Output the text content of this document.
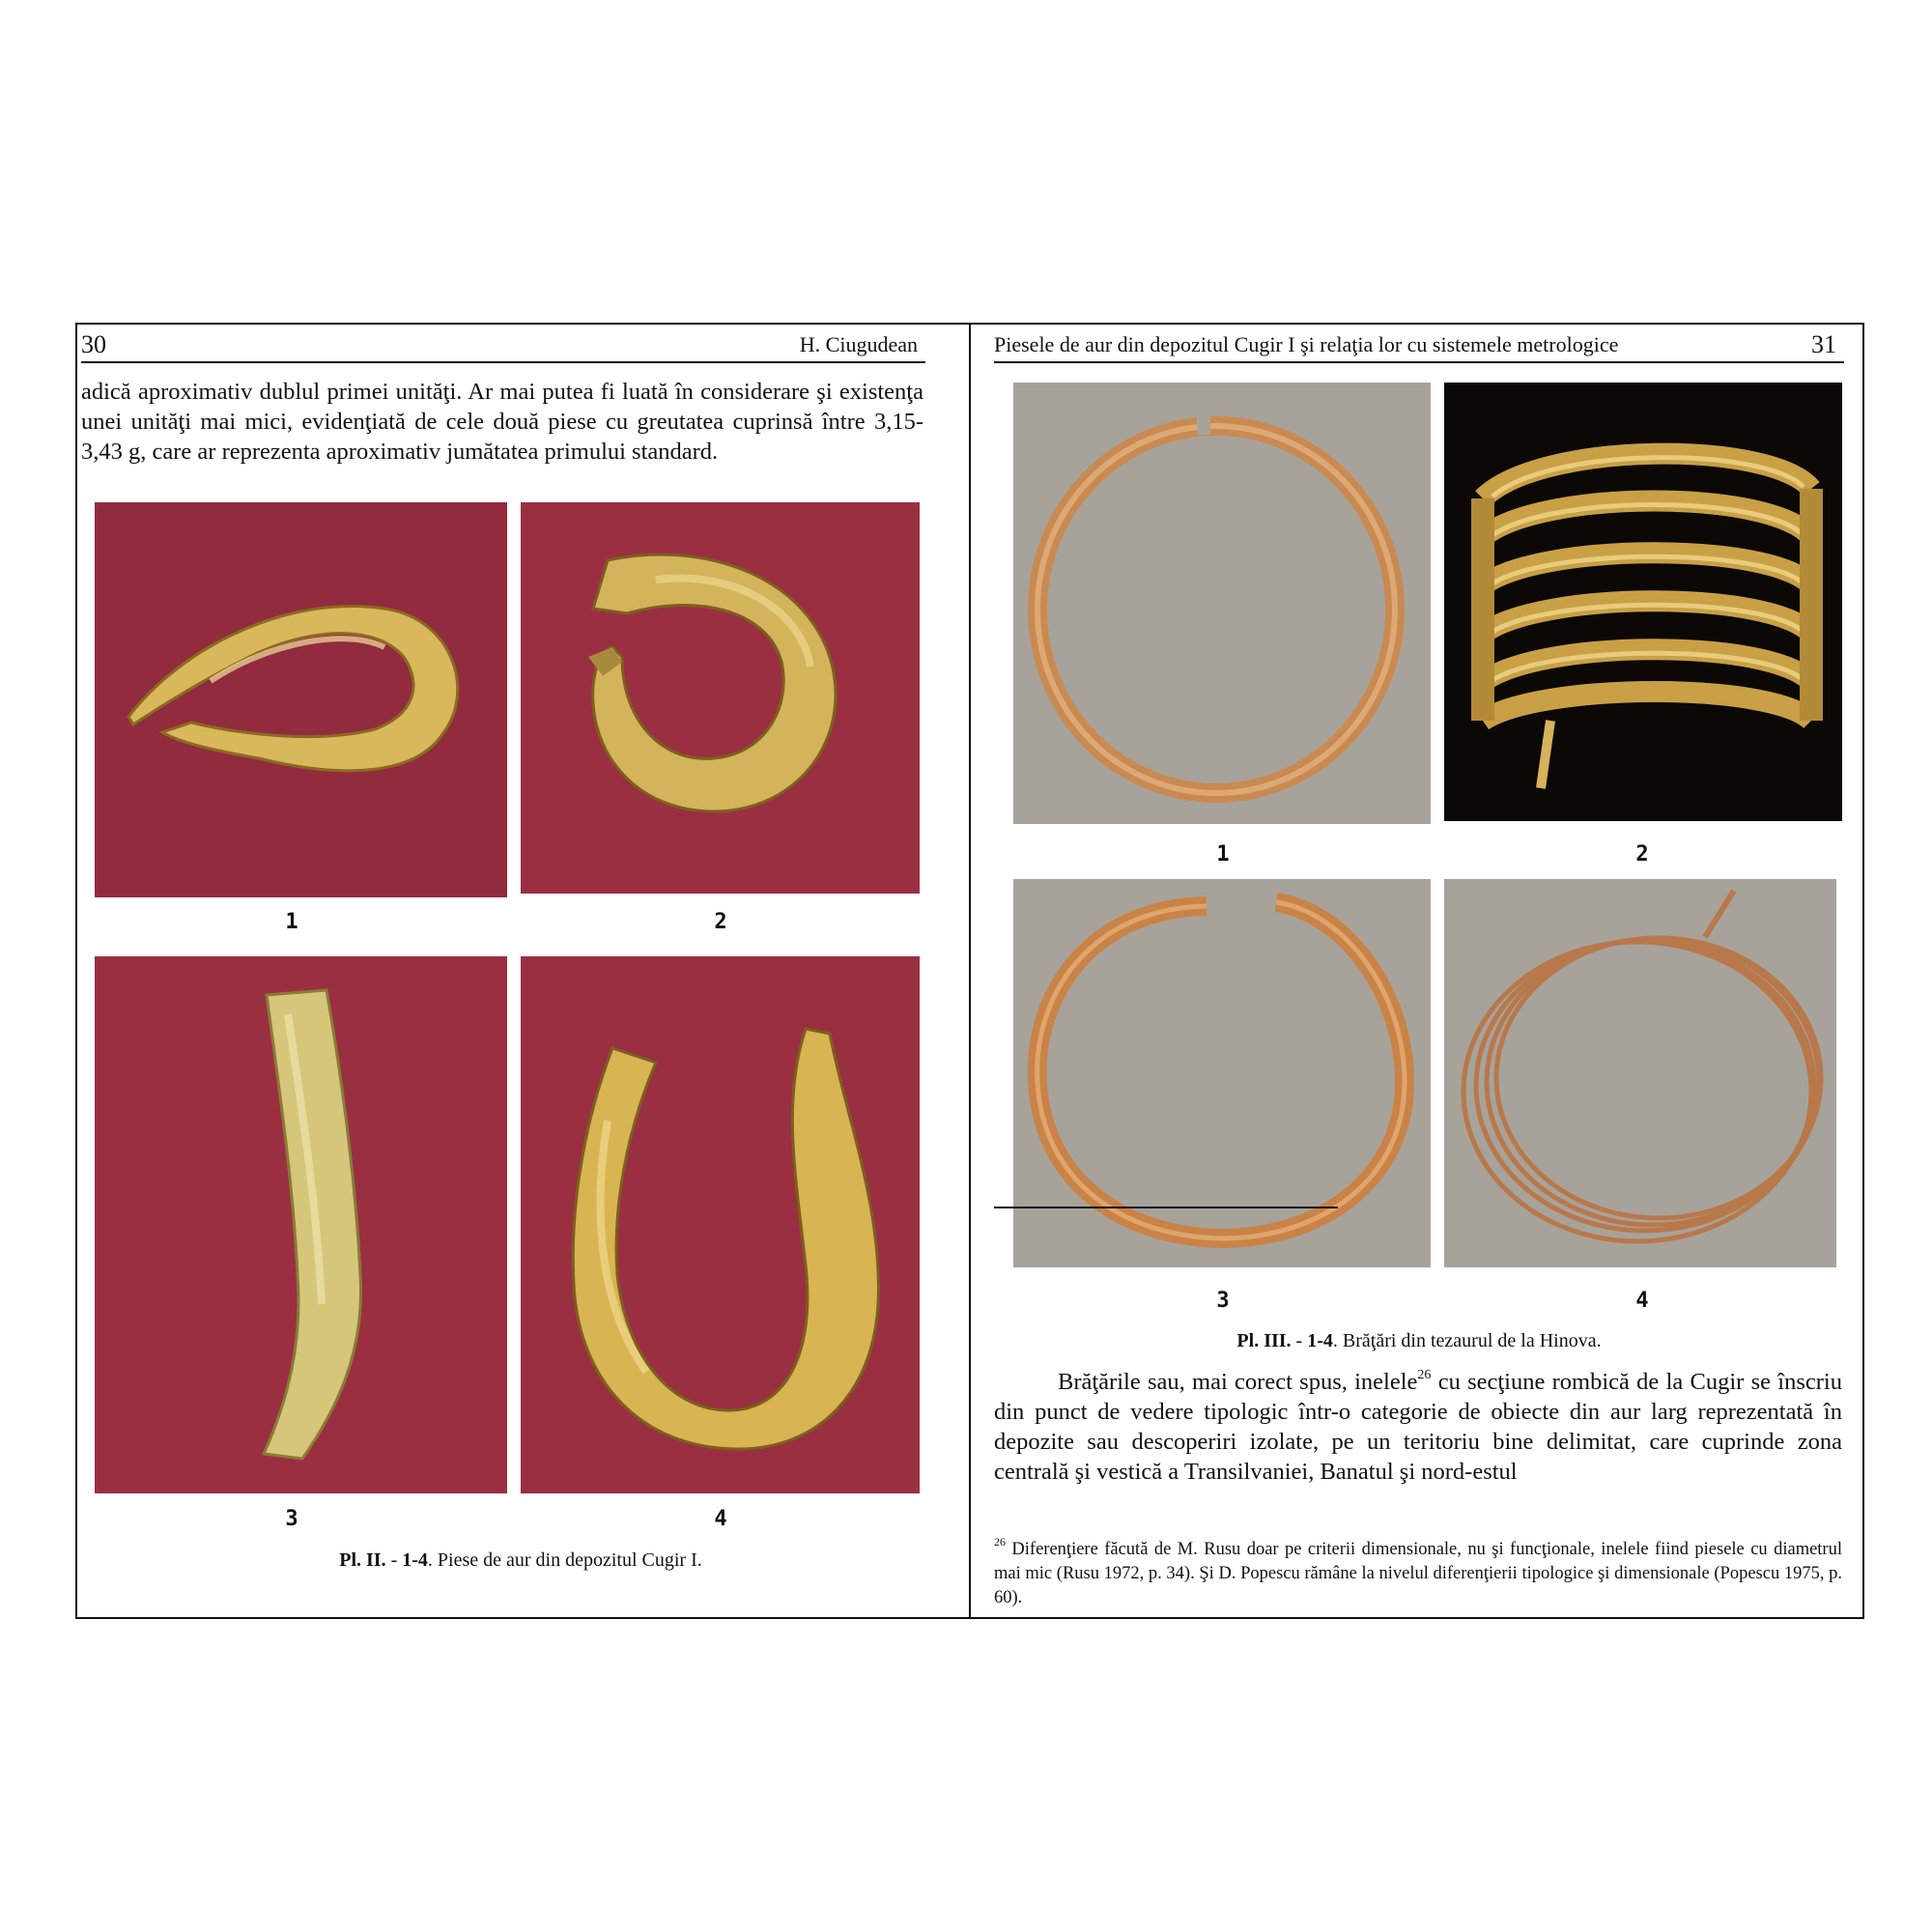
30	H. Ciugudean
adică aproximativ dublul primei unităţi. Ar mai putea fi luată în considerare şi existenţa unei unităţi mai mici, evidenţiată de cele două piese cu greutatea cuprinsă între 3,15-3,43 g, care ar reprezenta aproximativ jumătatea primului standard.
1	2
3	4
Pl. II. - 1-4. Piese de aur din depozitul Cugir I.
Piesele de aur din depozitul Cugir I şi relaţia lor cu sistemele metrologice	31
1	2
3	4
Pl. III. - 1-4. Brăţări din tezaurul de la Hinova.
Brăţările sau, mai corect spus, inelele$^{26}$ cu secţiune rombică de la Cugir se înscriu din punct de vedere tipologic într-o categorie de obiecte din aur larg reprezentată în depozite sau descoperiri izolate, pe un teritoriu bine delimitat, care cuprinde zona centrală şi vestică a Transilvaniei, Banatul şi nord-estul
$^{26}$ Diferenţiere făcută de M. Rusu doar pe criterii dimensionale, nu şi funcţionale, inelele fiind piesele cu diametrul mai mic (Rusu 1972, p. 34). Şi D. Popescu rămâne la nivelul diferenţierii tipologice şi dimensionale (Popescu 1975, p. 60).
